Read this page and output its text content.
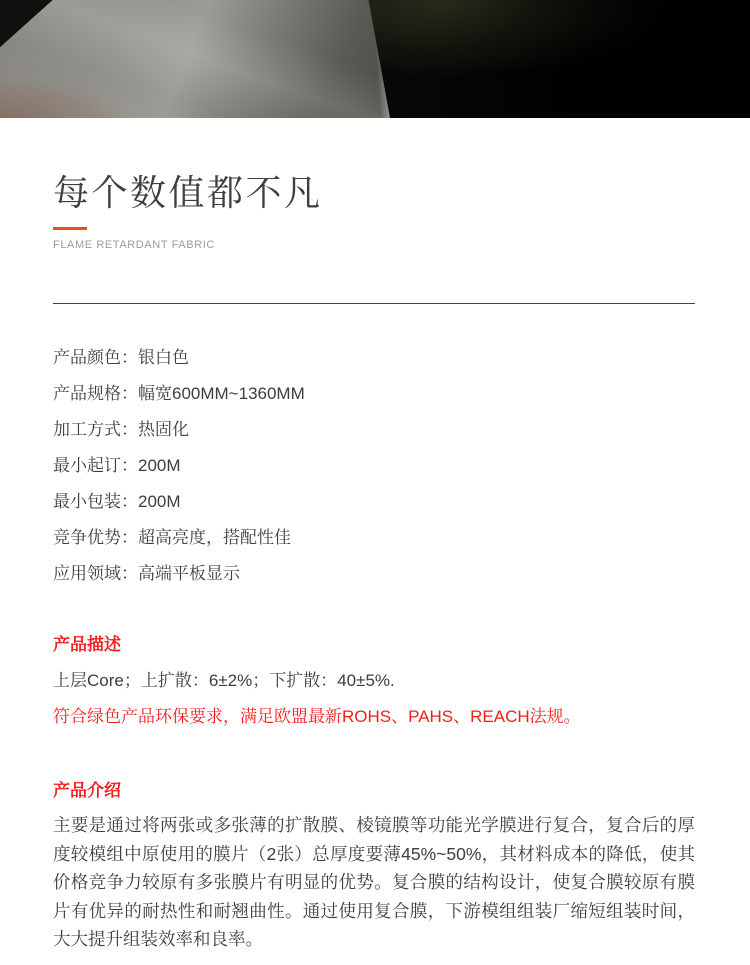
每个数值都不凡
FLAME RETARDANT FABRIC
产品颜色：银白色
产品规格：幅宽600MM~1360MM
加工方式：热固化
最小起订：200M
最小包装：200M
竞争优势：超高亮度，搭配性佳
应用领域：高端平板显示
产品描述
上层Core；上扩散：6±2%；下扩散：40±5%.
符合绿色产品环保要求，满足欧盟最新ROHS、PAHS、REACH法规。
产品介绍

主要是通过将两张或多张薄的扩散膜、棱镜膜等功能光学膜进行复合，复合后的厚度较模组中原使用的膜片（2张）总厚度要薄45%~50%，其材料成本的降低，使其价格竞争力较原有多张膜片有明显的优势。复合膜的结构设计，使复合膜较原有膜片有优异的耐热性和耐翘曲性。通过使用复合膜，下游模组组装厂缩短组装时间，大大提升组装效率和良率。
